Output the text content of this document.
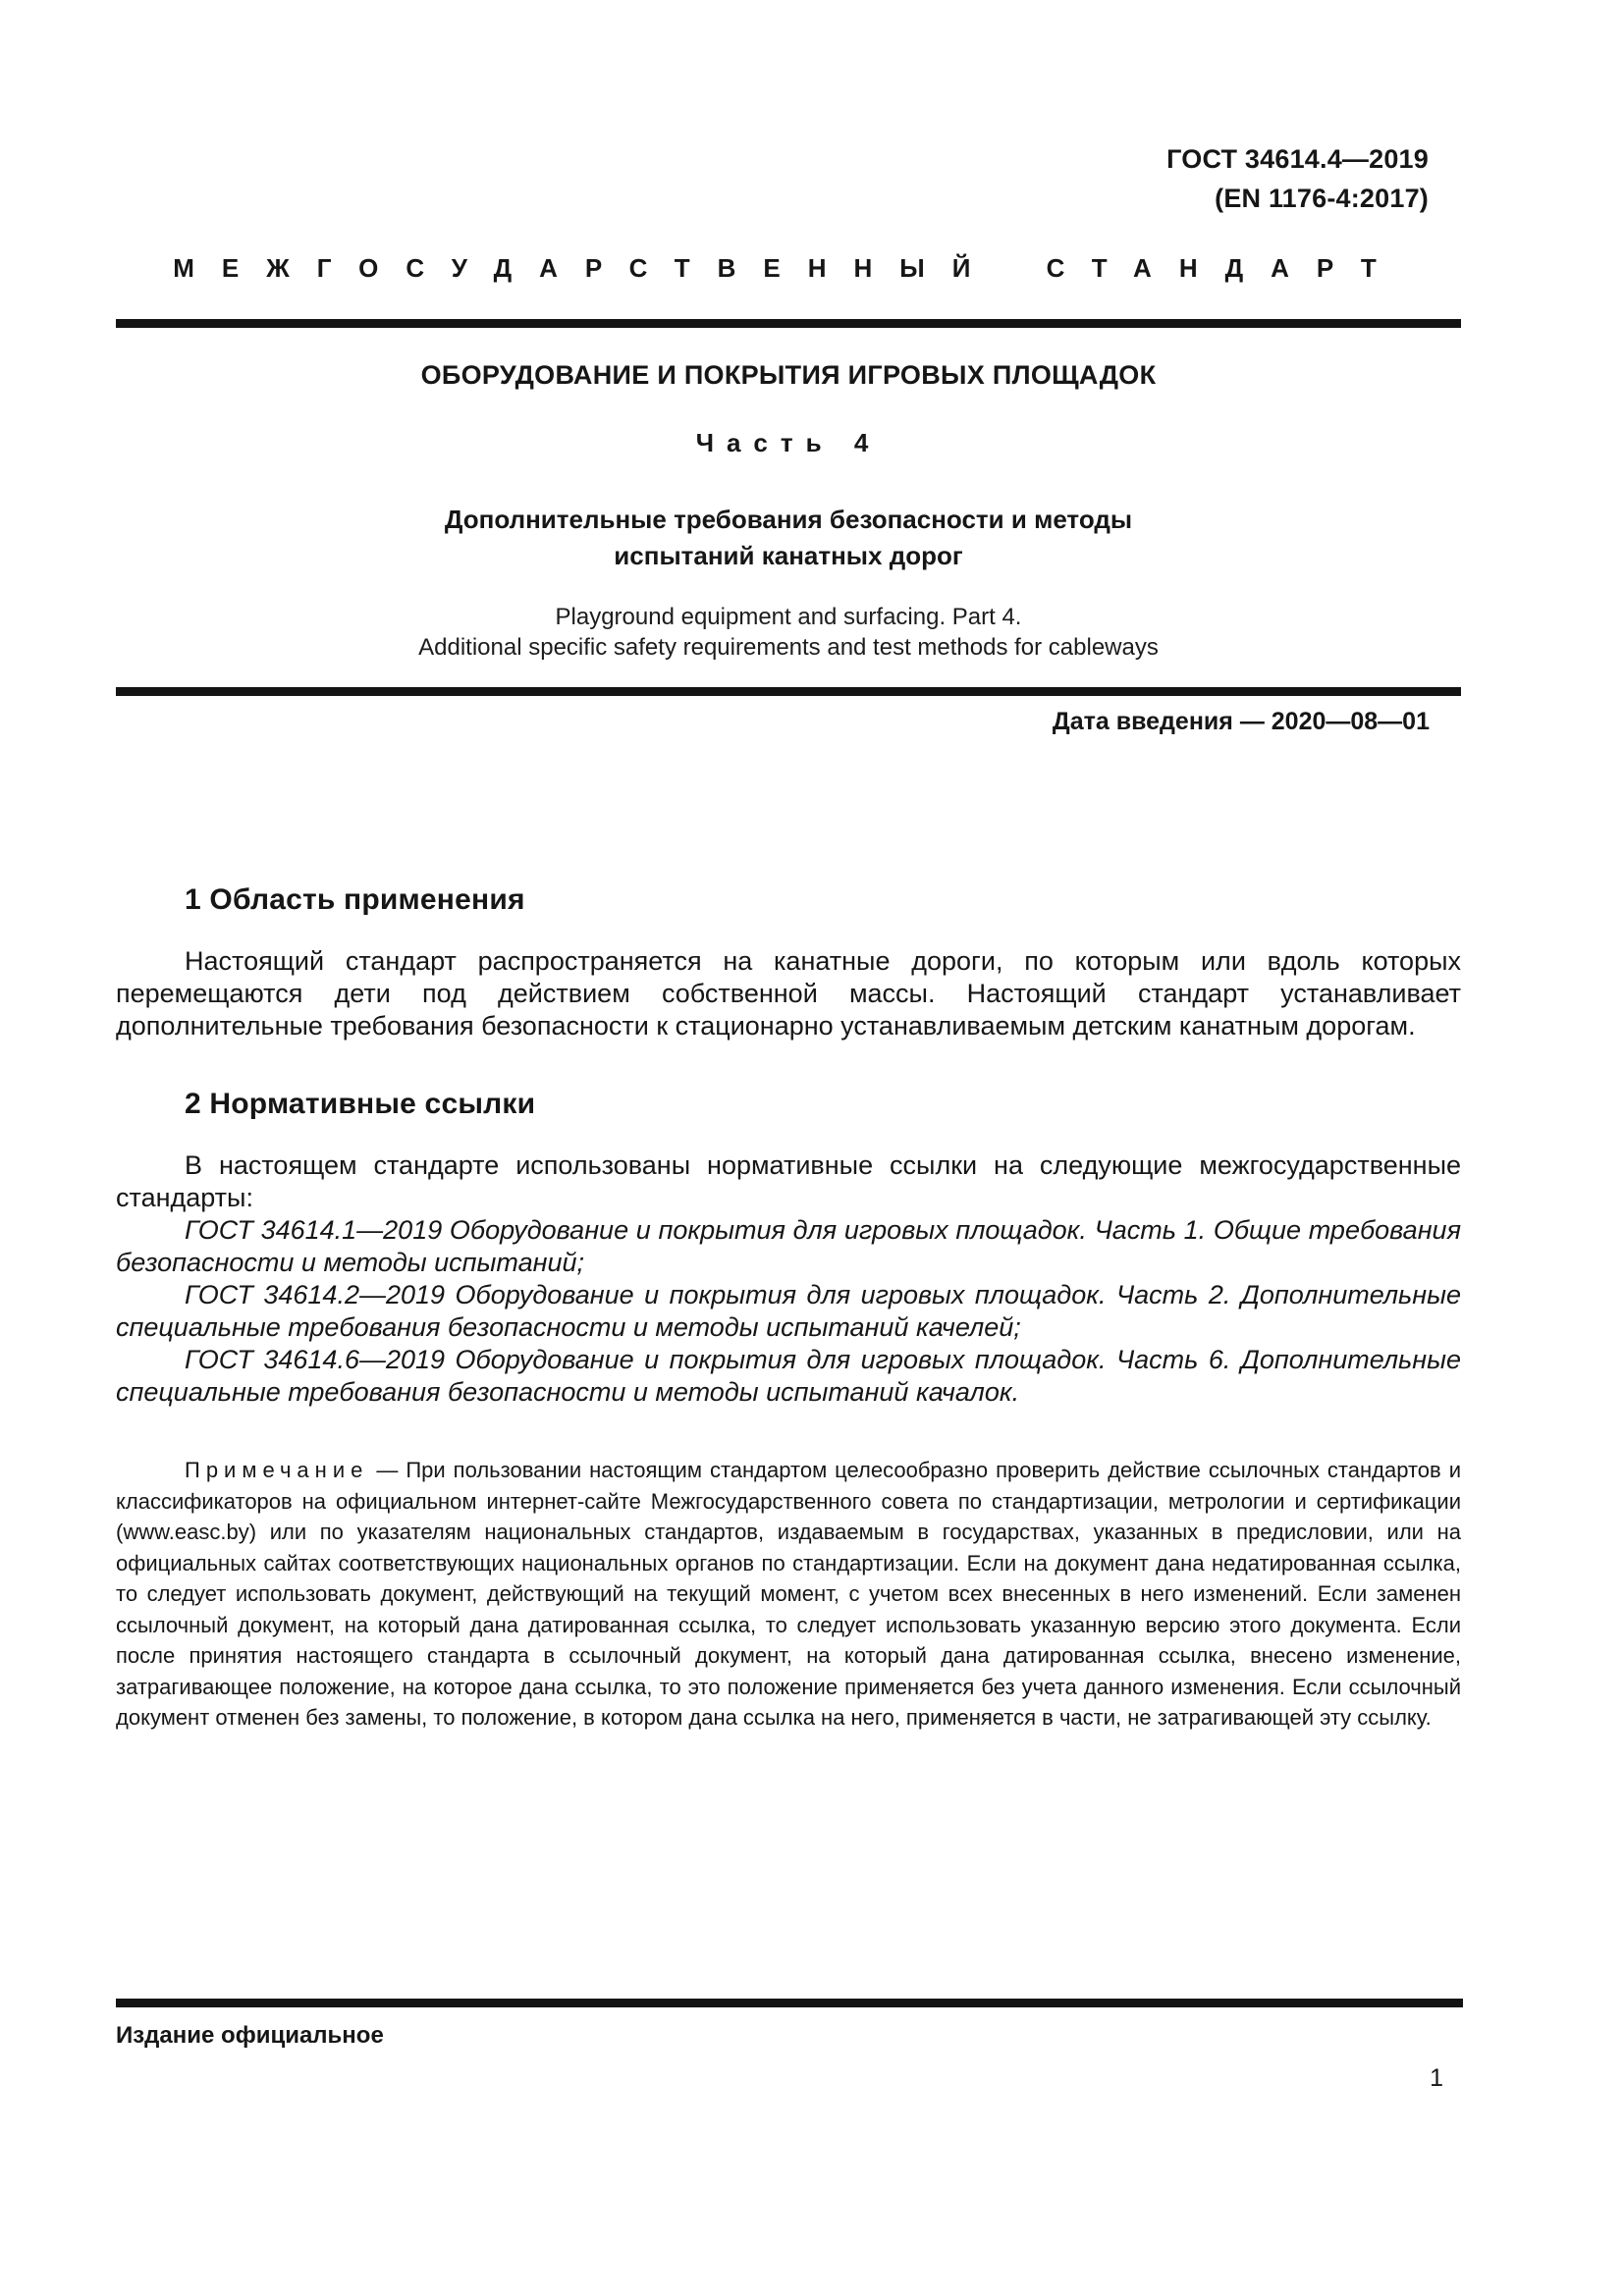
ГОСТ 34614.4—2019
(EN 1176-4:2017)
МЕЖГОСУДАРСТВЕННЫЙ СТАНДАРТ
ОБОРУДОВАНИЕ И ПОКРЫТИЯ ИГРОВЫХ ПЛОЩАДОК
Часть 4
Дополнительные требования безопасности и методы
испытаний канатных дорог
Playground equipment and surfacing. Part 4.
Additional specific safety requirements and test methods for cableways
Дата введения — 2020—08—01
1 Область применения

Настоящий стандарт распространяется на канатные дороги, по которым или вдоль которых перемещаются дети под действием собственной массы. Настоящий стандарт устанавливает дополнительные требования безопасности к стационарно устанавливаемым детским канатным дорогам.

2 Нормативные ссылки

В настоящем стандарте использованы нормативные ссылки на следующие межгосударственные стандарты:

ГОСТ 34614.1—2019 Оборудование и покрытия для игровых площадок. Часть 1. Общие требования безопасности и методы испытаний;

ГОСТ 34614.2—2019 Оборудование и покрытия для игровых площадок. Часть 2. Дополнительные специальные требования безопасности и методы испытаний качелей;

ГОСТ 34614.6—2019 Оборудование и покрытия для игровых площадок. Часть 6. Дополнительные специальные требования безопасности и методы испытаний качалок.

Примечание — При пользовании настоящим стандартом целесообразно проверить действие ссылочных стандартов и классификаторов на официальном интернет-сайте Межгосударственного совета по стандартизации, метрологии и сертификации (www.easc.by) или по указателям национальных стандартов, издаваемым в государствах, указанных в предисловии, или на официальных сайтах соответствующих национальных органов по стандартизации. Если на документ дана недатированная ссылка, то следует использовать документ, действующий на текущий момент, с учетом всех внесенных в него изменений. Если заменен ссылочный документ, на который дана датированная ссылка, то следует использовать указанную версию этого документа. Если после принятия настоящего стандарта в ссылочный документ, на который дана датированная ссылка, внесено изменение, затрагивающее положение, на которое дана ссылка, то это положение применяется без учета данного изменения. Если ссылочный документ отменен без замены, то положение, в котором дана ссылка на него, применяется в части, не затрагивающей эту ссылку.

Издание официальное
1
